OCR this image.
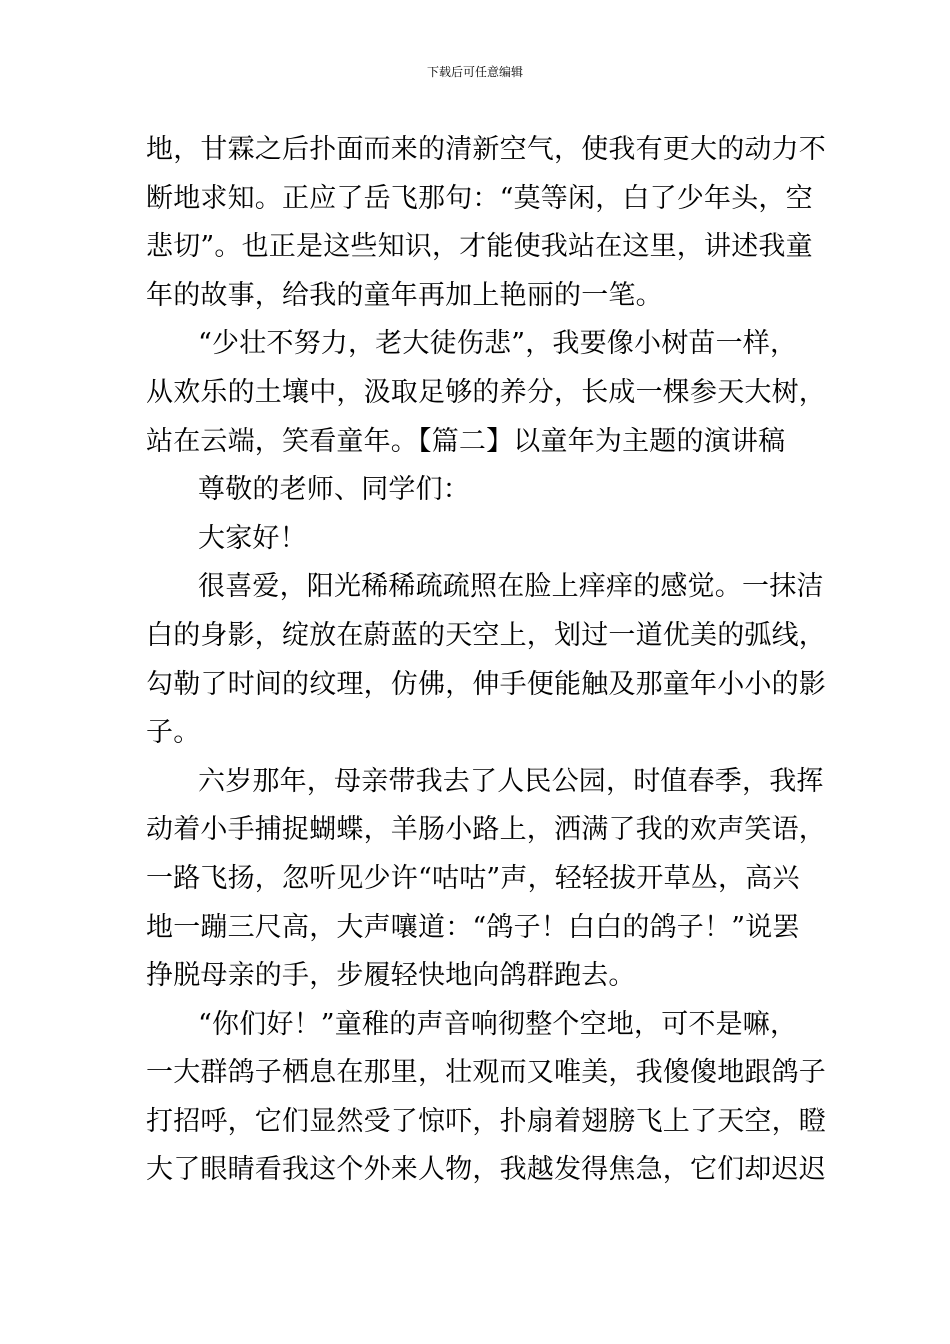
下载后可任意编辑
地，甘霖之后扑面而来的清新空气，使我有更大的动力不
断地求知。正应了岳飞那句：“莫等闲，白了少年头，空
悲切”。也正是这些知识，才能使我站在这里，讲述我童
年的故事，给我的童年再加上艳丽的一笔。
“少壮不努力，老大徒伤悲”，我要像小树苗一样，
从欢乐的土壤中，汲取足够的养分，长成一棵参天大树，
站在云端，笑看童年。【篇二】以童年为主题的演讲稿
尊敬的老师、同学们：
大家好！
很喜爱，阳光稀稀疏疏照在脸上痒痒的感觉。一抹洁
白的身影，绽放在蔚蓝的天空上，划过一道优美的弧线，
勾勒了时间的纹理，仿佛，伸手便能触及那童年小小的影
子。
六岁那年，母亲带我去了人民公园，时值春季，我挥
动着小手捕捉蝴蝶，羊肠小路上，洒满了我的欢声笑语，
一路飞扬，忽听见少许“咕咕”声，轻轻拔开草丛，高兴
地一蹦三尺高，大声嚷道：“鸽子！白白的鸽子！”说罢
挣脱母亲的手，步履轻快地向鸽群跑去。
“你们好！”童稚的声音响彻整个空地，可不是嘛，
一大群鸽子栖息在那里，壮观而又唯美，我傻傻地跟鸽子
打招呼，它们显然受了惊吓，扑扇着翅膀飞上了天空，瞪
大了眼睛看我这个外来人物，我越发得焦急，它们却迟迟
